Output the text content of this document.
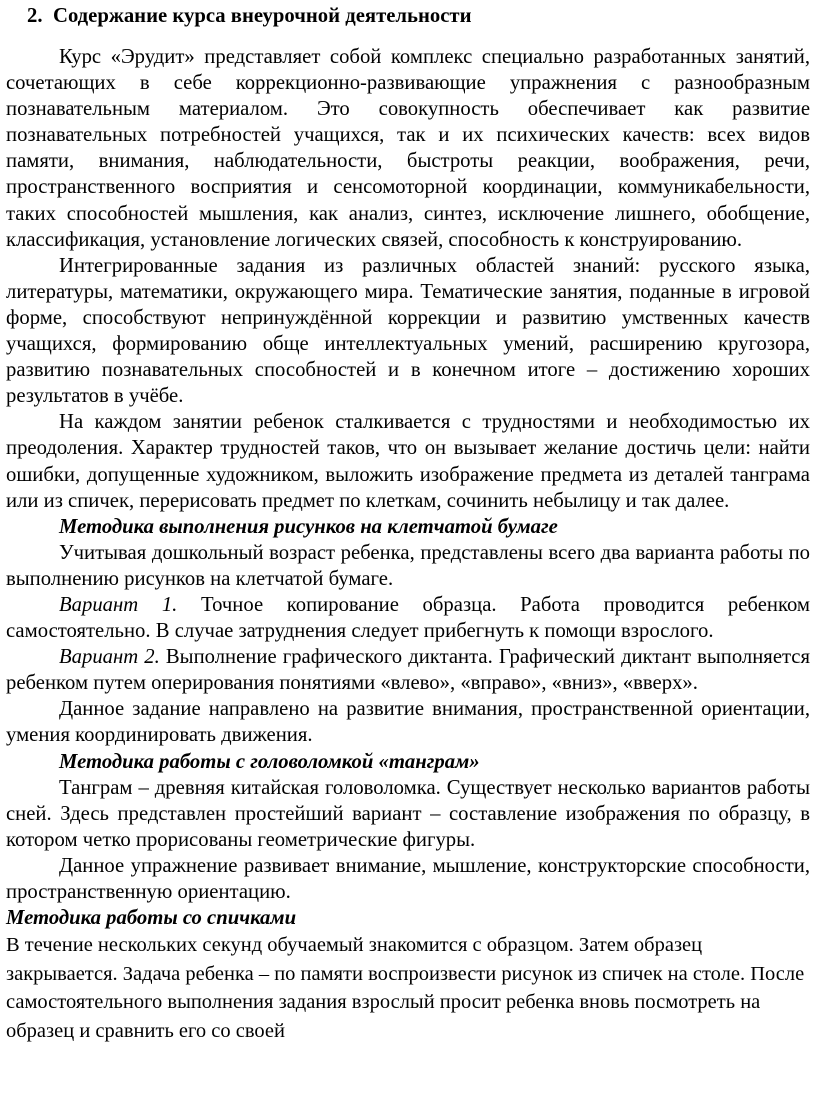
2. Содержание курса внеурочной деятельности

Курс «Эрудит» представляет собой комплекс специально разработанных занятий, сочетающих в себе коррекционно-развивающие упражнения с разнообразным познавательным материалом. Это совокупность обеспечивает как развитие познавательных потребностей учащихся, так и их психических качеств: всех видов памяти, внимания, наблюдательности, быстроты реакции, воображения, речи, пространственного восприятия и сенсомоторной координации, коммуникабельности, таких способностей мышления, как анализ, синтез, исключение лишнего, обобщение, классификация, установление логических связей, способность к конструированию.

Интегрированные задания из различных областей знаний: русского языка, литературы, математики, окружающего мира. Тематические занятия, поданные в игровой форме, способствуют непринуждённой коррекции и развитию умственных качеств учащихся, формированию обще интеллектуальных умений, расширению кругозора, развитию познавательных способностей и в конечном итоге – достижению хороших результатов в учёбе.

На каждом занятии ребенок сталкивается с трудностями и необходимостью их преодоления. Характер трудностей таков, что он вызывает желание достичь цели: найти ошибки, допущенные художником, выложить изображение предмета из деталей танграма или из спичек, перерисовать предмет по клеткам, сочинить небылицу и так далее.

Методика выполнения рисунков на клетчатой бумаге

Учитывая дошкольный возраст ребенка, представлены всего два варианта работы по выполнению рисунков на клетчатой бумаге.

Вариант 1. Точное копирование образца. Работа проводится ребенком самостоятельно. В случае затруднения следует прибегнуть к помощи взрослого.

Вариант 2. Выполнение графического диктанта. Графический диктант выполняется ребенком путем оперирования понятиями «влево», «вправо», «вниз», «вверх».

Данное задание направлено на развитие внимания, пространственной ориентации, умения координировать движения.

Методика работы с головоломкой «танграм»

Танграм – древняя китайская головоломка. Существует несколько вариантов работы сней. Здесь представлен простейший вариант – составление изображения по образцу, в котором четко прорисованы геометрические фигуры.

Данное упражнение развивает внимание, мышление, конструкторские способности, пространственную ориентацию.

Методика работы со спичками

В течение нескольких секунд обучаемый знакомится с образцом. Затем образец закрывается. Задача ребенка – по памяти воспроизвести рисунок из спичек на столе. После самостоятельного выполнения задания взрослый просит ребенка вновь посмотреть на образец и сравнить его со своей
